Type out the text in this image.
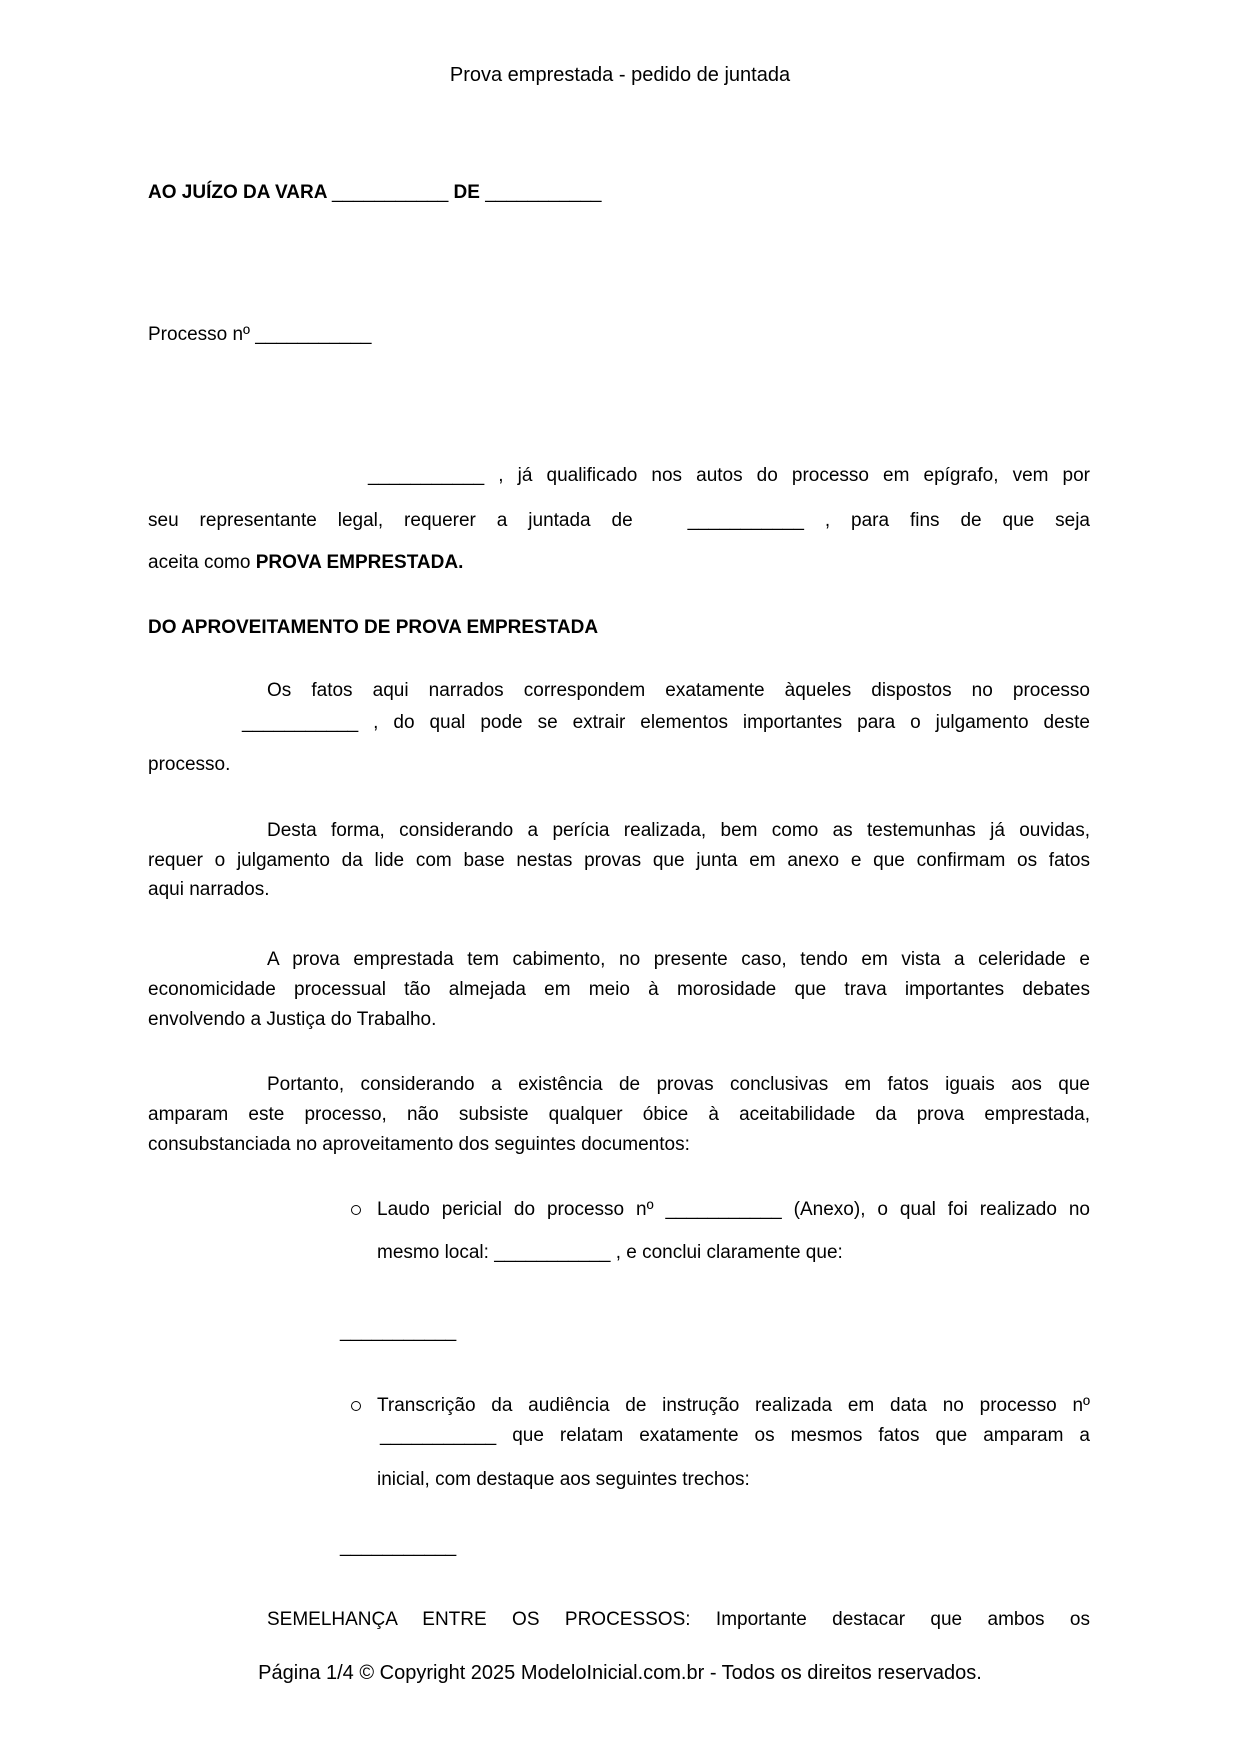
Prova emprestada - pedido de juntada
AO JUÍZO DA VARA ___________ DE ___________
Processo nº ___________
___________ , já qualificado nos autos do processo em epígrafo, vem por
seu representante legal, requerer a juntada de	___________ , para fins de que seja
aceita como PROVA EMPRESTADA.
DO APROVEITAMENTO DE PROVA EMPRESTADA
Os fatos aqui narrados correspondem exatamente àqueles dispostos no processo
___________ , do qual pode se extrair elementos importantes para o julgamento deste
processo.
Desta forma, considerando a perícia realizada, bem como as testemunhas já ouvidas,
requer o julgamento da lide com base nestas provas que junta em anexo e que confirmam os fatos
aqui narrados.
A prova emprestada tem cabimento, no presente caso, tendo em vista a celeridade e
economicidade processual tão almejada em meio à morosidade que trava importantes debates
envolvendo a Justiça do Trabalho.
Portanto, considerando a existência de provas conclusivas em fatos iguais aos que
amparam este processo, não subsiste qualquer óbice à aceitabilidade da prova emprestada,
consubstanciada no aproveitamento dos seguintes documentos:
Laudo pericial do processo nº ___________ (Anexo), o qual foi realizado no
mesmo local: ___________ , e conclui claramente que:
___________
Transcrição da audiência de instrução realizada em data no processo nº
___________ que relatam exatamente os mesmos fatos que amparam a
inicial, com destaque aos seguintes trechos:
___________
SEMELHANÇA ENTRE OS PROCESSOS: Importante destacar que ambos os
Página 1/4 © Copyright 2025 ModeloInicial.com.br - Todos os direitos reservados.
